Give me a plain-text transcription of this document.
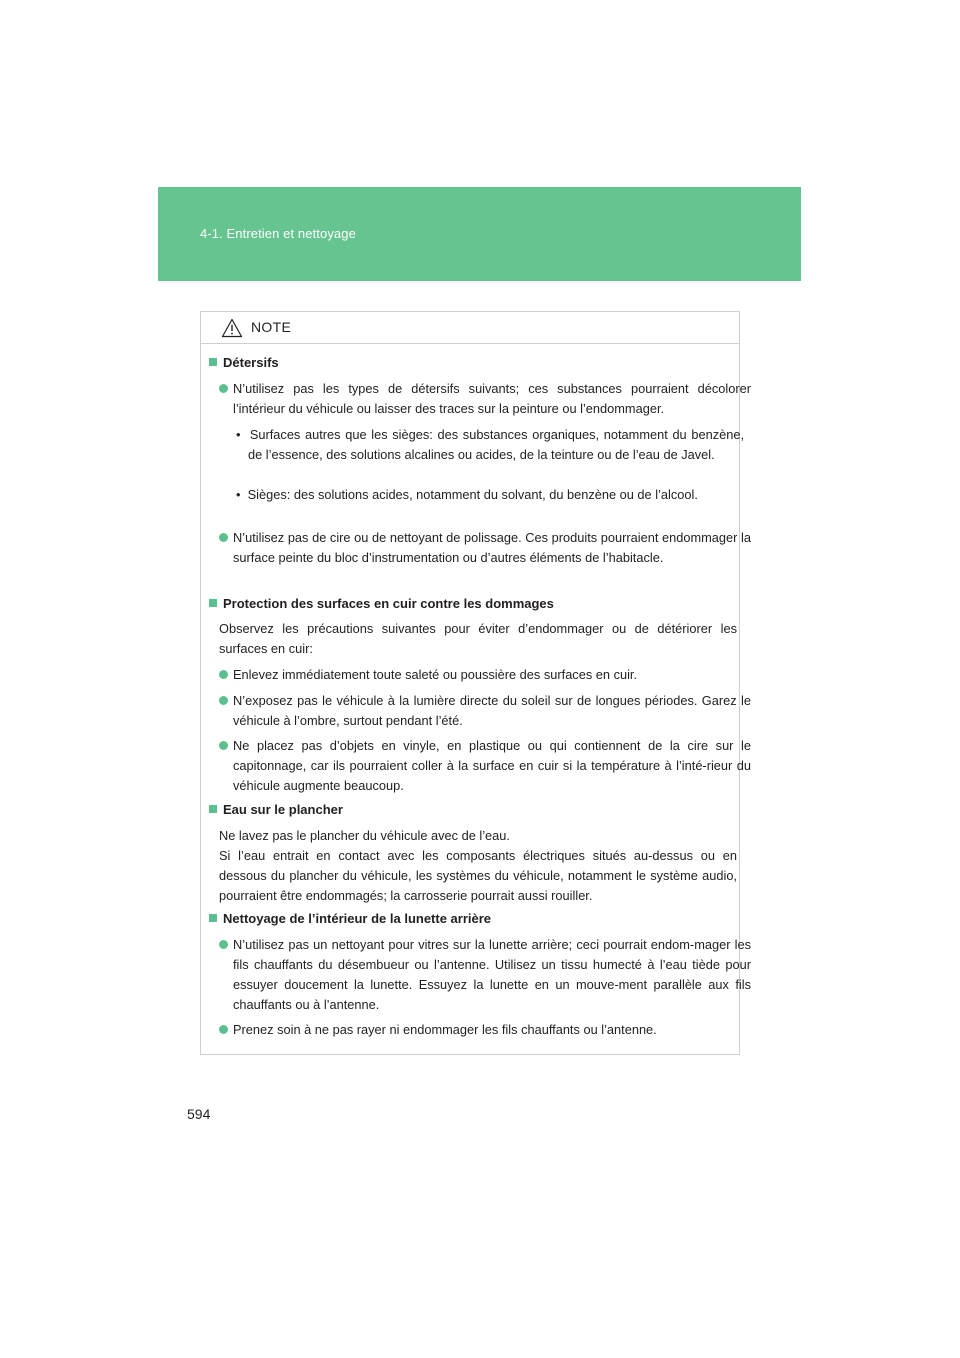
4-1. Entretien et nettoyage
NOTE
Détersifs
N’utilisez pas les types de détersifs suivants; ces substances pourraient décolorer l’intérieur du véhicule ou laisser des traces sur la peinture ou l’endommager.
•  Surfaces autres que les sièges: des substances organiques, notamment du benzène, de l’essence, des solutions alcalines ou acides, de la teinture ou de l’eau de Javel.
•  Sièges: des solutions acides, notamment du solvant, du benzène ou de l’alcool.
N’utilisez pas de cire ou de nettoyant de polissage. Ces produits pourraient endommager la surface peinte du bloc d’instrumentation ou d’autres éléments de l’habitacle.
Protection des surfaces en cuir contre les dommages
Observez les précautions suivantes pour éviter d’endommager ou de détériorer les surfaces en cuir:
Enlevez immédiatement toute saleté ou poussière des surfaces en cuir.
N’exposez pas le véhicule à la lumière directe du soleil sur de longues périodes. Garez le véhicule à l’ombre, surtout pendant l’été.
Ne placez pas d’objets en vinyle, en plastique ou qui contiennent de la cire sur le capitonnage, car ils pourraient coller à la surface en cuir si la température à l’inté-rieur du véhicule augmente beaucoup.
Eau sur le plancher
Ne lavez pas le plancher du véhicule avec de l’eau.
Si l’eau entrait en contact avec les composants électriques situés au-dessus ou en dessous du plancher du véhicule, les systèmes du véhicule, notamment le système audio, pourraient être endommagés; la carrosserie pourrait aussi rouiller.
Nettoyage de l’intérieur de la lunette arrière
N’utilisez pas un nettoyant pour vitres sur la lunette arrière; ceci pourrait endom-mager les fils chauffants du désembueur ou l’antenne. Utilisez un tissu humecté à l’eau tiède pour essuyer doucement la lunette. Essuyez la lunette en un mouve-ment parallèle aux fils chauffants ou à l’antenne.
Prenez soin à ne pas rayer ni endommager les fils chauffants ou l’antenne.
594
